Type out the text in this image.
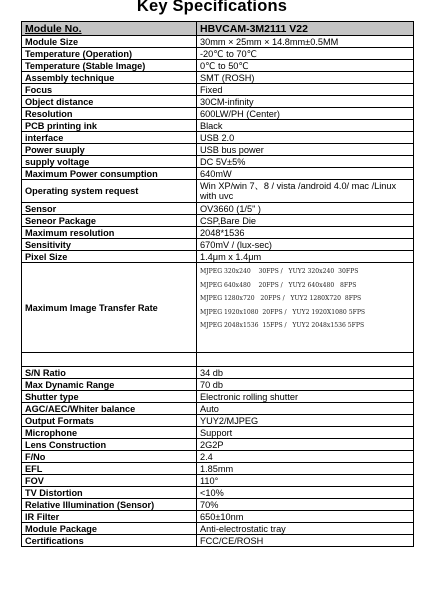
Key Specifications
Module No.	HBVCAM-3M2111 V22
Module Size	30mm × 25mm × 14.8mm±0.5MM
Temperature (Operation)	-20℃ to 70℃
Temperature (Stable Image)	0℃ to 50℃
Assembly technique	SMT (ROSH)
Focus	Fixed
Object distance	30CM-infinity
Resolution	600LW/PH (Center)
PCB printing ink	Black
interface	USB 2.0
Power suuply	USB bus power
supply voltage	DC 5V±5%
Maximum Power consumption	640mW
Operating system request	Win XP/win 7、8 / vista /android 4.0/ mac /Linux with uvc
Sensor	OV3660 (1/5" )
Seneor Package	CSP,Bare Die
Maximum resolution	2048*1536
Sensitivity	670mV / (lux-sec)
Pixel Size	1.4μm x 1.4μm
Maximum Image Transfer Rate	MJPEG 320x240    30FPS /   YUY2 320x240  30FPS
MJPEG 640x480    20FPS /   YUY2 640x480   8FPS
MJPEG 1280x720   20FPS /   YUY2 1280X720  8FPS
MJPEG 1920x1080  20FPS /   YUY2 1920X1080 5FPS
MJPEG 2048x1536  15FPS /   YUY2 2048x1536 5FPS

S/N Ratio	34 db
Max Dynamic Range	70 db
Shutter type	Electronic rolling shutter
AGC/AEC/Whiter balance	Auto
Output Formats	YUY2/MJPEG
Microphone	Support
Lens Construction	2G2P
F/No	2.4
EFL	1.85mm
FOV	110°
TV Distortion	<10%
Relative Illumination (Sensor)	70%
IR Filter	650±10nm
Module Package	Anti-electrostatic tray
Certifications	FCC/CE/ROSH
